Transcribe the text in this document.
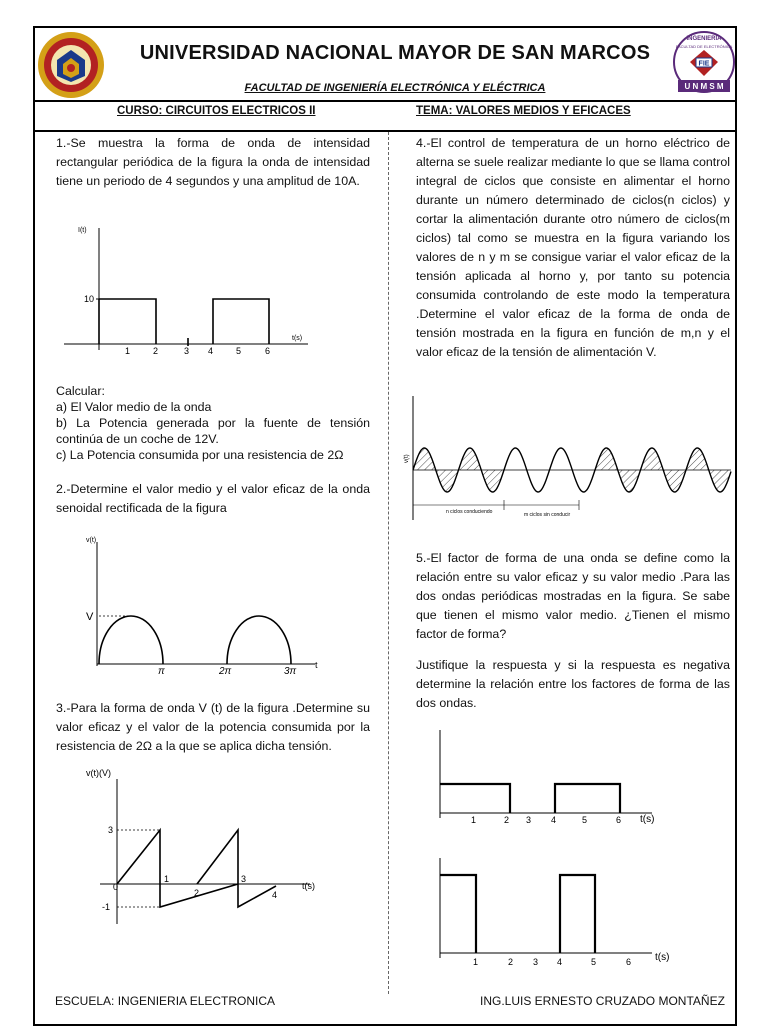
INGENIERIA
FACULTAD DE ELECTRÓNICA
FIE
U N M S M
UNIVERSIDAD NACIONAL MAYOR DE SAN MARCOS
FACULTAD DE INGENIERÍA ELECTRÓNICA Y ELÉCTRICA
CURSO: CIRCUITOS ELECTRICOS II	TEMA: VALORES MEDIOS Y EFICACES
1.-Se muestra la forma de onda de intensidad rectangular periódica de la figura la onda de intensidad tiene un periodo de 4 segundos y una amplitud de 10A.
I(t)
10
t(s)
1	2	3 4	5	6
Calcular:
a) El Valor medio de la onda
b) La Potencia generada por la fuente de tensión continúa de un coche de 12V.
c) La Potencia consumida por una resistencia de 2Ω
2.-Determine el valor medio y el valor eficaz de la onda senoidal rectificada de la figura
v(t)
V
t
π	2π	3π
3.-Para la forma de onda V (t) de la figura .Determine su valor eficaz y el valor de la potencia consumida por la resistencia de 2Ω a la que se aplica dicha tensión.
v(t)(V)
3
-1
0	t(s)
1
2
3
4
4.-El control de temperatura de un horno eléctrico de alterna se suele realizar mediante lo que se llama control integral de ciclos que consiste en alimentar el horno durante un número determinado de ciclos(n ciclos) y cortar la alimentación durante otro número de ciclos(m ciclos) tal como se muestra en la figura variando los valores de n y m se consigue variar el valor eficaz de la tensión aplicada al horno y, por tanto su potencia consumida controlando de este modo la temperatura .Determine el valor eficaz de la forma de onda de tensión mostrada en la figura en función de m,n y el valor eficaz de la tensión de alimentación V.
v(t)
n ciclos conduciendo	m ciclos sin conducir
5.-El factor de forma de una onda se define como la relación entre su valor eficaz y su valor medio .Para las dos ondas periódicas mostradas en la figura. Se sabe que tienen el mismo valor medio. ¿Tienen el mismo factor de forma?
Justifique la respuesta y si la respuesta es negativa determine la relación entre los factores de forma de las dos ondas.
t(s)
1	2 3 4	5	6
t(s)
1	2 3 4	5	6
ESCUELA: INGENIERIA ELECTRONICA	ING.LUIS ERNESTO CRUZADO MONTAÑEZ
